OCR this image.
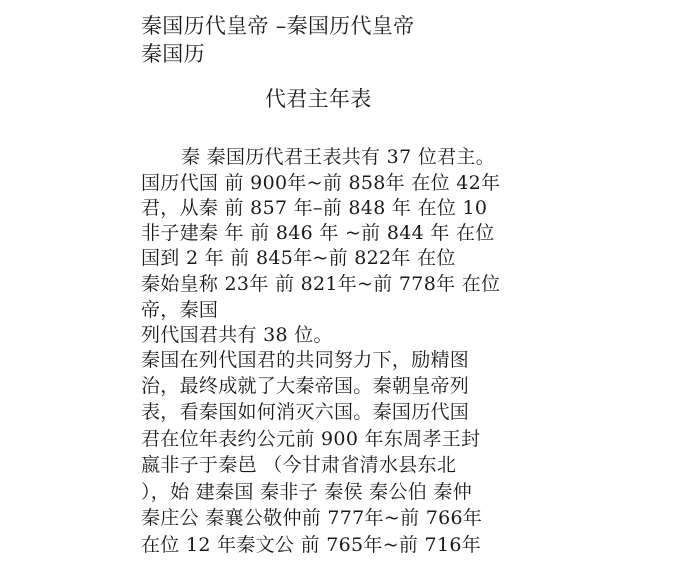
秦国历代皇帝 –秦国历代皇帝
秦国历
代君主年表
秦 秦国历代君王表共有 37 位君主。
国历代国 前 900年~前 858年 在位 42年
君，从秦 前 857 年–前 848 年 在位 10
非子建秦 年 前 846 年 ~前 844 年 在位
国到 2 年 前 845年~前 822年 在位
秦始皇称 23年 前 821年~前 778年 在位
帝，秦国
列代国君共有 38 位。
秦国在列代国君的共同努力下，励精图
治，最终成就了大秦帝国。秦朝皇帝列
表，看秦国如何消灭六国。秦国历代国
君在位年表约公元前 900 年东周孝王封
嬴非子于秦邑 （今甘肃省清水县东北
），始 建秦国 秦非子 秦侯 秦公伯 秦仲
秦庄公 秦襄公敬仲前 777年~前 766年
在位 12 年秦文公 前 765年~前 716年
